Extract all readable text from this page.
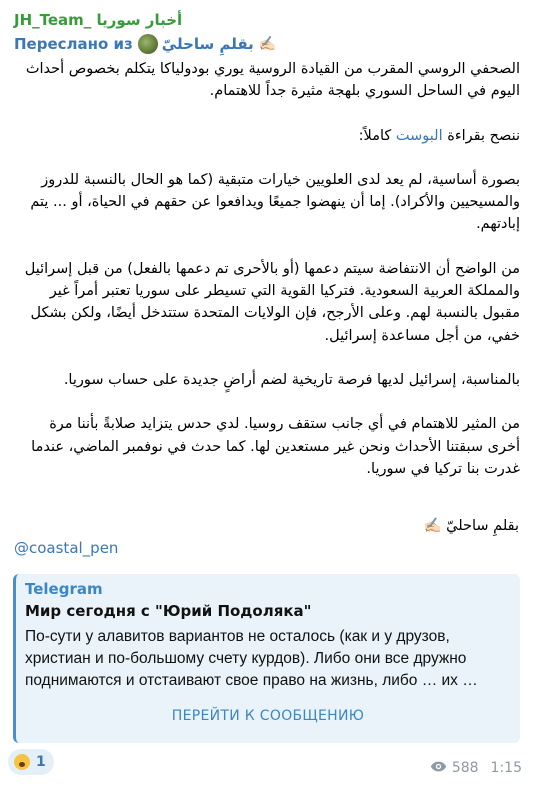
JH_Team_ أخبار سوريا
Переслано из بقلمِ ساحليّ ✍🏻

الصحفي الروسي المقرب من القيادة الروسية يوري بودولياكا يتكلم بخصوص أحداث اليوم في الساحل السوري بلهجة مثيرة جداً للاهتمام.

ننصح بقراءة البوست كاملاً:

بصورة أساسية، لم يعد لدى العلويين خيارات متبقية (كما هو الحال بالنسبة للدروز والمسيحيين والأكراد). إما أن ينهضوا جميعًا ويدافعوا عن حقهم في الحياة، أو ... يتم إبادتهم.

من الواضح أن الانتفاضة سيتم دعمها (أو بالأحرى تم دعمها بالفعل) من قبل إسرائيل والمملكة العربية السعودية. فتركيا القوية التي تسيطر على سوريا تعتبر أمراً غير مقبول بالنسبة لهم. وعلى الأرجح، فإن الولايات المتحدة ستتدخل أيضًا، ولكن بشكل خفي، من أجل مساعدة إسرائيل.

بالمناسبة، إسرائيل لديها فرصة تاريخية لضم أراضٍ جديدة على حساب سوريا.

من المثير للاهتمام في أي جانب ستقف روسيا. لدي حدس يتزايد صلابةً بأننا مرة أخرى سبقتنا الأحداث ونحن غير مستعدين لها. كما حدث في نوفمبر الماضي، عندما غدرت بنا تركيا في سوريا.

بقلمِ ساحليّ ✍🏻
@coastal_pen
Telegram
Мир сегодня с "Юрий Подоляка"
По-сути у алавитов вариантов не осталось (как и у друзов, христиан и по-большому счету курдов). Либо они все дружно поднимаются и отстаивают свое право на жизнь, либо … их …
ПЕРЕЙТИ К СООБЩЕНИЮ
1	588 1:15
